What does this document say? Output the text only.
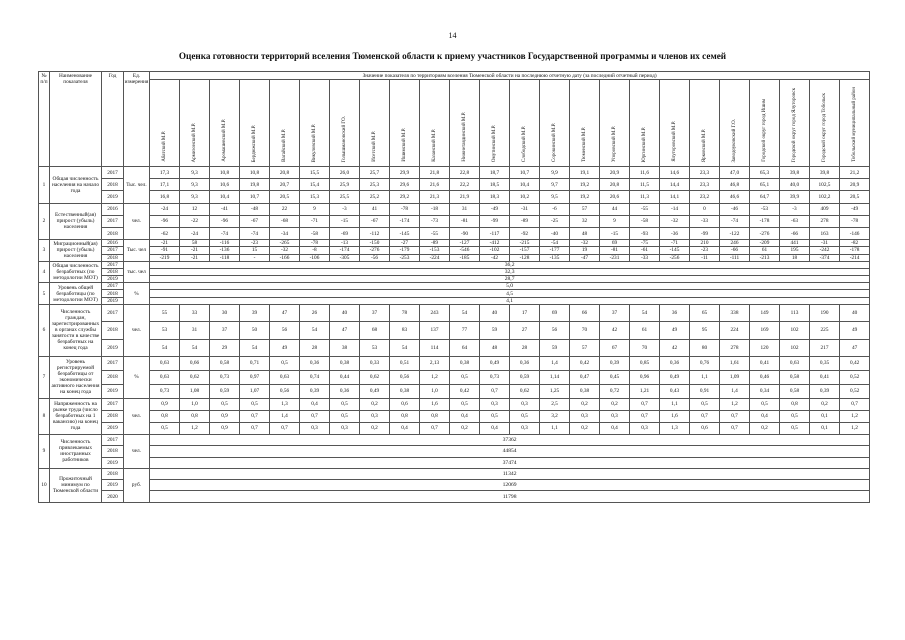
14
Оценка готовности территорий вселения Тюменской области к приему участников Государственной программы и членов их семей
№ п/п	Наименование показателя	Год	Ед. измерения	Значение показателя по территориям вселения Тюменской области на последнюю отчетную дату (за последний отчетный период)																							
				Абатский М.Р.	Армизонский М.Р.	Аромашевский М.Р.	Бердюжский М.Р.	Вагайский М.Р.	Викуловский М.Р.	Голышмановский ГО.	Исетский М.Р.	Ишимский М.Р.	Казанский М.Р.	Нижнетавдинский М.Р.	Омутинский М.Р.	Слободский М.Р.	Сорокинский М.Р.	Тюменский М.Р.	Упоровский М.Р.	Юргинский М.Р.	Ялуторовский М.Р.	Ярковский М.Р.	Заводоуковский Г.О.	Городской округ город Ишим	Городской округ город Ялуторовск	Городской округ город Тобольск	Тобольский муниципальный район
1	Общая численность населения на начало года	2017	Тыс. чел.	17,3	9,3	10,8	10,8	20,8	15,5	26,0	25,7	29,9	21,8	22,8	18,7	10,7	9,9	19,1	20,9	11,6	14,6	23,3	47,0	65,3	39,8	39,8	21,2
		2018		17,1	9,3	10,6	19,8	20,7	15,4	25,9	25,3	29,6	21,6	22,2	18,5	10,4	9,7	19,2	20,8	11,5	14,4	23,3	46,8	65,1	40,0	102,5	20,9
		2019		16,8	9,3	10,4	10,7	20,5	15,3	25,5	25,2	29,2	21,3	21,9	18,3	10,2	9,5	19,2	20,6	11,3	14,1	23,2	46,6	64,7	39,9	102,2	20,5
2	Естественный(ая) прирост (убыль) населения	2016	чел.	-24	12	-41	-48	22	9	-3	41	-78	-18	31	-49	-31	-6	57	44	-55	-14	0	-46	-53	-3	409	-49
		2017		-96	-22	-96	-67	-68	-71	-15	-67	-174	-73	-81	-99	-89	-25	32	9	-58	-32	-33	-74	-178	-63	278	-78
		2018		-62	-24	-74	-74	-34	-58	-69	-112	-145	-55	-90	-117	-92	-40	48	-15	-93	-36	-99	-122	-276	-66	163	-146
3	Миграционный(ая) прирост (убыль) населения	2016	Тыс. чел	-21	58	-116	-23	-265	-78	-13	-150	-27	-89	-127	-412	-215	-54	-32	69	-75	-71	210	246	-209	441	-31	-82
		2017		-91	-21	-136	15	-32	-8	-174	-276	-179	-153	-546	-102	-157	-177	19	-81	-61	-145	-23	-66	61	195	-242	-178
		2018		-219	-21	-118	-	-166	-106	-305	-56	-253	-224	-185	-42	-128	-135	-47	-231	-33	-256	-11	-111	-213	18	-374	-214
4	Общая численность безработных (по методологии МОТ)	2017	тыс. чел	36,2																							
		2018		32,3																							
		2019		28,7																							
5	Уровень общей безработицы (по методологии МОТ)	2017	%	5,0																							
		2018		4,5																							
		2019		4,1																							
6	Численность граждан, зарегистрированных в органах службы занятости в качестве безработных на конец года	2017	чел.	55	33	30	39	47	26	40	37	78	243	54	40	17	69	66	37	54	36	65	338	149	113	190	40
		2018		53	31	37	50	56	54	47	68	83	137	77	59	27	56	70	42	61	49	95	224	169	102	225	49
		2019		54	54	29	54	49	28	38	53	54	114	64	48	28	59	57	67	70	42	80	278	120	102	217	47
7	Уровень регистрируемой безработицы от экономически активного населения на конец года	2017	%	0,63	0,66	0,58	0,71	0,5	0,36	0,38	0,33	0,51	2,13	0,38	0,49	0,36	1,4	0,42	0,39	0,85	0,36	0,76	1,61	0,41	0,63	0,35	0,42
		2018		0,63	0,62	0,73	0,97	0,63	0,74	0,44	0,62	0,56	1,2	0,5	0,73	0,59	1,14	0,47	0,45	0,96	0,49	1,1	1,09	0,46	0,58	0,41	0,52
		2019		0,73	1,08	0,59	1,07	0,56	0,39	0,36	0,49	0,38	1,0	0,42	0,7	0,62	1,25	0,38	0,72	1,21	0,43	0,91	1,4	0,34	0,58	0,39	0,52
8	Напряженность на рынке труда (число безработных на 1 вакансию) на конец года	2017	чел.	0,9	1,0	0,5	0,5	1,3	0,4	0,5	0,2	0,6	1,6	0,5	0,3	0,3	2,5	0,2	0,2	0,7	1,1	0,5	1,2	0,5	0,8	0,2	0,7
		2018		0,8	0,8	0,9	0,7	1,4	0,7	0,5	0,3	0,8	0,8	0,4	0,5	0,5	3,2	0,3	0,3	0,7	1,6	0,7	0,7	0,4	0,5	0,1	1,2
		2019		0,5	1,2	0,9	0,7	0,7	0,3	0,3	0,2	0,4	0,7	0,2	0,4	0,3	1,1	0,2	0,4	0,3	1,3	0,6	0,7	0,2	0,5	0,1	1,2
9	Численность привлекаемых иностранных работников	2017	чел.	37362																							
		2018		44854																							
		2019		37474																							
10	Прожиточный минимум по Тюменской области	2018	руб.	11342																							
		2019		12069																							
		2020		11798																							
